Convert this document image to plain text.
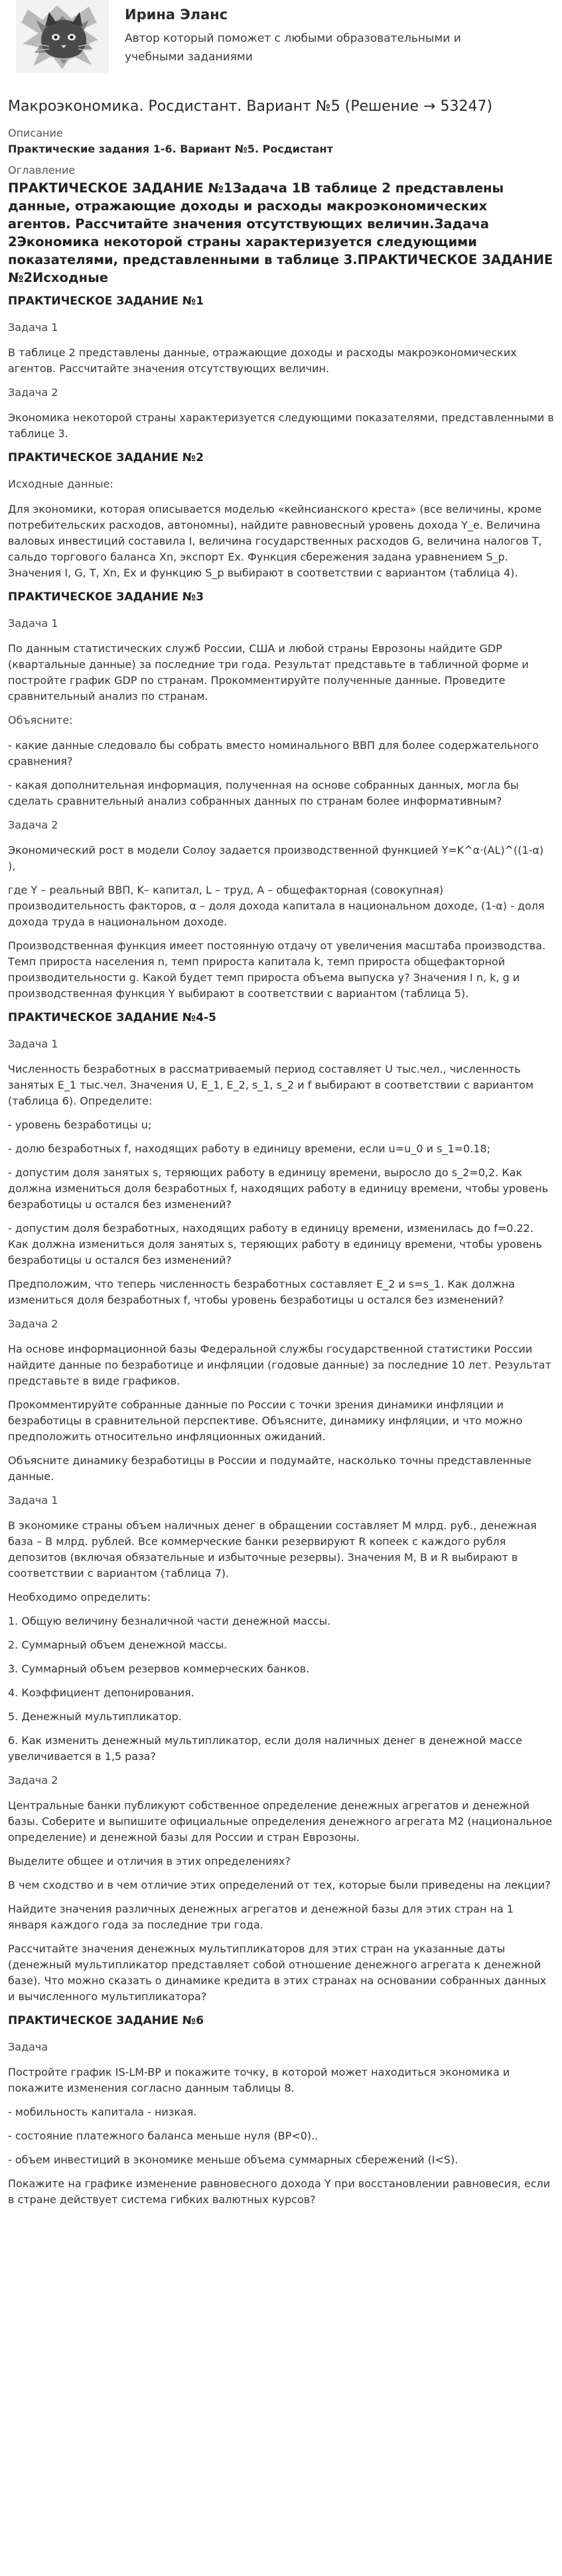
Ирина Эланс
Автор который поможет с любыми образовательными и учебными заданиями
Макроэкономика. Росдистант. Вариант №5 (Решение → 53247)

Описание

Практические задания 1-6. Вариант №5. Росдистант

Оглавление

ПРАКТИЧЕСКОЕ ЗАДАНИЕ №1Задача 1В таблице 2 представлены данные, отражающие доходы и расходы макроэкономических агентов. Рассчитайте значения отсутствующих величин.Задача 2Экономика некоторой страны характеризуется следующими показателями, представленными в таблице 3.ПРАКТИЧЕСКОЕ ЗАДАНИЕ №2Исходные
ПРАКТИЧЕСКОЕ ЗАДАНИЕ №1

Задача 1

В таблице 2 представлены данные, отражающие доходы и расходы макроэкономических агентов. Рассчитайте значения отсутствующих величин.

Задача 2

Экономика некоторой страны характеризуется следующими показателями, представленными в таблице 3.

ПРАКТИЧЕСКОЕ ЗАДАНИЕ №2

Исходные данные:

Для экономики, которая описывается моделью «кейнсианского креста» (все величины, кроме потребительских расходов, автономны), найдите равновесный уровень дохода Y_e. Величина валовых инвестиций составила I, величина государственных расходов G, величина налогов T, сальдо торгового баланса Xn, экспорт Ex. Функция сбережения задана уравнением S_p. Значения I, G, T, Xn, Ex и функцию S_p выбирают в соответствии с вариантом (таблица 4).

ПРАКТИЧЕСКОЕ ЗАДАНИЕ №3

Задача 1

По данным статистических служб России, США и любой страны Еврозоны найдите GDP (квартальные данные) за последние три года. Результат представьте в табличной форме и постройте график GDP по странам. Прокомментируйте полученные данные. Проведите сравнительный анализ по странам.

Объясните:

- какие данные следовало бы собрать вместо номинального ВВП для более содержательного сравнения?

- какая дополнительная информация, полученная на основе собранных данных, могла бы сделать сравнительный анализ собранных данных по странам более информативным?

Задача 2

Экономический рост в модели Солоу задается производственной функцией Y=K^α·(AL)^((1-α) ),

где Y – реальный ВВП, K– капитал, L – труд, A – общефакторная (совокупная) производительность факторов, α – доля дохода капитала в национальном доходе, (1-α) - доля дохода труда в национальном доходе.

Производственная функция имеет постоянную отдачу от увеличения масштаба производства. Темп прироста населения n, темп прироста капитала k, темп прироста общефакторной производительности g. Какой будет темп прироста объема выпуска y? Значения I n, k, g и производственная функция Y выбирают в соответствии с вариантом (таблица 5).

ПРАКТИЧЕСКОЕ ЗАДАНИЕ №4-5

Задача 1

Численность безработных в рассматриваемый период составляет U тыс.чел., численность занятых E_1 тыс.чел. Значения U, E_1, E_2, s_1, s_2 и f выбирают в соответствии с вариантом (таблица 6). Определите:

- уровень безработицы u;

- долю безработных f, находящих работу в единицу времени, если u=u_0 и s_1=0.18;

- допустим доля занятых s, теряющих работу в единицу времени, выросло до s_2=0,2. Как должна измениться доля безработных f, находящих работу в единицу времени, чтобы уровень безработицы u остался без изменений?

- допустим доля безработных, находящих работу в единицу времени, изменилась до f=0.22. Как должна измениться доля занятых s, теряющих работу в единицу времени, чтобы уровень безработицы u остался без изменений?

Предположим, что теперь численность безработных составляет E_2 и s=s_1. Как должна измениться доля безработных f, чтобы уровень безработицы u остался без изменений?

Задача 2

На основе информационной базы Федеральной службы государственной статистики России найдите данные по безработице и инфляции (годовые данные) за последние 10 лет. Результат представьте в виде графиков.

Прокомментируйте собранные данные по России с точки зрения динамики инфляции и безработицы в сравнительной перспективе. Объясните, динамику инфляции, и что можно предположить относительно инфляционных ожиданий.

Объясните динамику безработицы в России и подумайте, насколько точны представленные данные.

Задача 1

В экономике страны объем наличных денег в обращении составляет M млрд. руб., денежная база – B млрд. рублей. Все коммерческие банки резервируют R копеек с каждого рубля депозитов (включая обязательные и избыточные резервы). Значения M, B и R выбирают в соответствии с вариантом (таблица 7).

Необходимо определить:

1. Общую величину безналичной части денежной массы.

2. Суммарный объем денежной массы.

3. Суммарный объем резервов коммерческих банков.

4. Коэффициент депонирования.

5. Денежный мультипликатор.

6. Как изменить денежный мультипликатор, если доля наличных денег в денежной массе увеличивается в 1,5 раза?

Задача 2

Центральные банки публикуют собственное определение денежных агрегатов и денежной базы. Соберите и выпишите официальные определения денежного агрегата M2 (национальное определение) и денежной базы для России и стран Еврозоны.

Выделите общее и отличия в этих определениях?

В чем сходство и в чем отличие этих определений от тех, которые были приведены на лекции?

Найдите значения различных денежных агрегатов и денежной базы для этих стран на 1 января каждого года за последние три года.

Рассчитайте значения денежных мультипликаторов для этих стран на указанные даты (денежный мультипликатор представляет собой отношение денежного агрегата к денежной базе). Что можно сказать о динамике кредита в этих странах на основании собранных данных и вычисленного мультипликатора?

ПРАКТИЧЕСКОЕ ЗАДАНИЕ №6

Задача

Постройте график IS-LM-BP и покажите точку, в которой может находиться экономика и покажите изменения согласно данным таблицы 8.

- мобильность капитала - низкая.

- состояние платежного баланса меньше нуля (BP<0)..

- объем инвестиций в экономике меньше объема суммарных сбережений (I<S).

Покажите на графике изменение равновесного дохода Y при восстановлении равновесия, если в стране действует система гибких валютных курсов?
